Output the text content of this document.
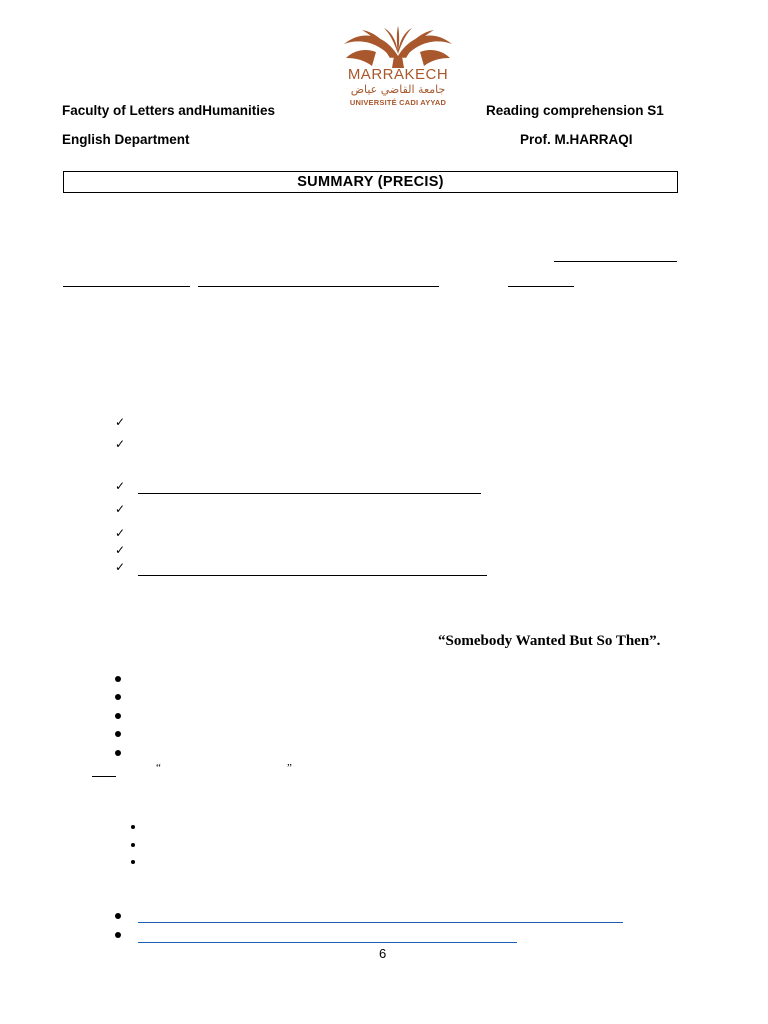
MARRAKECH
جامعة القاضي عياض
UNIVERSITÉ CADI AYYAD
Faculty of Letters andHumanities	Reading comprehension S1
English Department	Prof. M.HARRAQI
SUMMARY (PRECIS)
✓
✓
✓
✓
✓
✓
✓
“Somebody Wanted But So Then”.
“	”
6
